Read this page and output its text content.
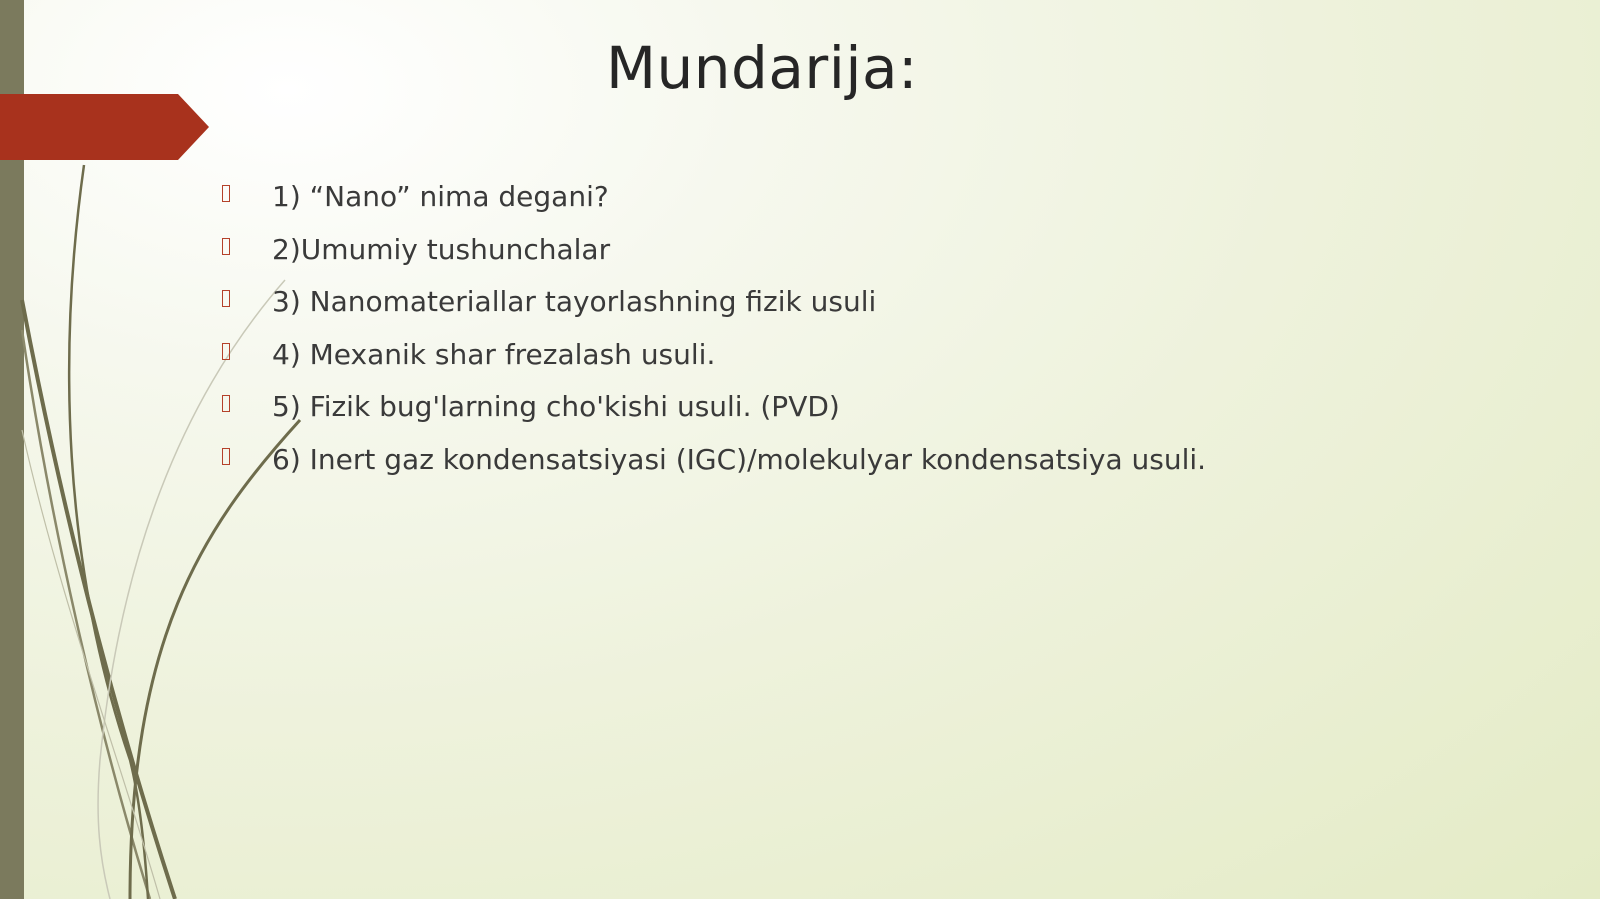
Mundarija:
1) “Nano” nima degani?
2)Umumiy tushunchalar
3) Nanomateriallar tayorlashning fizik usuli
4) Mexanik shar frezalash usuli.
5) Fizik bug'larning cho'kishi usuli. (PVD)
6) Inert gaz kondensatsiyasi (IGC)/molekulyar kondensatsiya usuli.
